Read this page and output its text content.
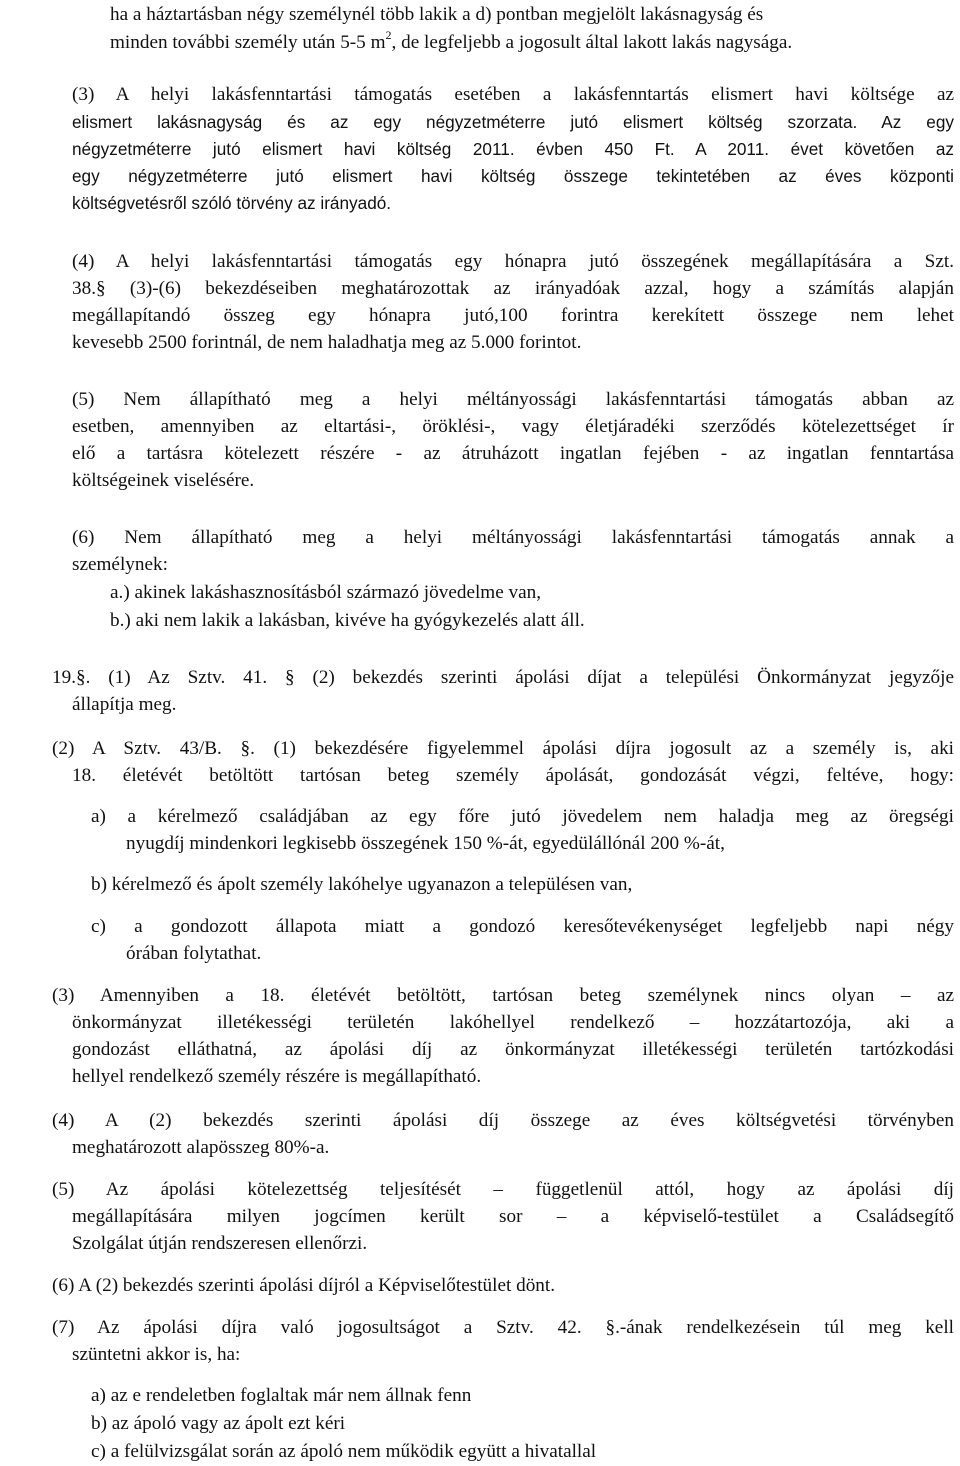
ha a háztartásban négy személynél több lakik a d) pontban megjelölt lakásnagyság és

minden további személy után 5-5 $m^2$, de legfeljebb a jogosult által lakott lakás nagysága.

(3) A helyi lakásfenntartási támogatás esetében a lakásfenntartás elismert havi költsége az

elismert lakásnagyság és az egy négyzetméterre jutó elismert költség szorzata. Az egy

négyzetméterre jutó elismert havi költség 2011. évben 450 Ft. A 2011. évet követően az

egy négyzetméterre jutó elismert havi költség összege tekintetében az éves központi

költségvetésről szóló törvény az irányadó.

(4) A helyi lakásfenntartási támogatás egy hónapra jutó összegének megállapítására a Szt.

38.§ (3)-(6) bekezdéseiben meghatározottak az irányadóak azzal, hogy a számítás alapján

megállapítandó összeg egy hónapra jutó,100 forintra kerekített összege nem lehet

kevesebb 2500 forintnál, de nem haladhatja meg az 5.000 forintot.

(5) Nem állapítható meg a helyi méltányossági lakásfenntartási támogatás abban az

esetben, amennyiben az eltartási-, öröklési-, vagy életjáradéki szerződés kötelezettséget ír

elő a tartásra kötelezett részére - az átruházott ingatlan fejében - az ingatlan fenntartása

költségeinek viselésére.

(6) Nem állapítható meg a helyi méltányossági lakásfenntartási támogatás annak a

személynek:

a.) akinek lakáshasznosításból származó jövedelme van,

b.) aki nem lakik a lakásban, kivéve ha gyógykezelés alatt áll.

19.§. (1) Az Sztv. 41. § (2) bekezdés szerinti ápolási díjat a települési Önkormányzat jegyzője

állapítja meg.

(2) A Sztv. 43/B. §. (1) bekezdésére figyelemmel ápolási díjra jogosult az a személy is, aki

18. életévét betöltött tartósan beteg személy ápolását, gondozását végzi, feltéve, hogy:

a) a kérelmező családjában az egy főre jutó jövedelem nem haladja meg az öregségi

nyugdíj mindenkori legkisebb összegének 150 %-át, egyedülállónál 200 %-át,

b) kérelmező és ápolt személy lakóhelye ugyanazon a településen van,

c) a gondozott állapota miatt a gondozó keresőtevékenységet legfeljebb napi négy

órában folytathat.

(3) Amennyiben a 18. életévét betöltött, tartósan beteg személynek nincs olyan – az

önkormányzat illetékességi területén lakóhellyel rendelkező – hozzátartozója, aki a

gondozást elláthatná, az ápolási díj az önkormányzat illetékességi területén tartózkodási

hellyel rendelkező személy részére is megállapítható.

(4) A (2) bekezdés szerinti ápolási díj összege az éves költségvetési törvényben

meghatározott alapösszeg 80%-a.

(5) Az ápolási kötelezettség teljesítését – függetlenül attól, hogy az ápolási díj

megállapítására milyen jogcímen került sor – a képviselő-testület a Családsegítő

Szolgálat útján rendszeresen ellenőrzi.

(6) A (2) bekezdés szerinti ápolási díjról a Képviselőtestület dönt.

(7) Az ápolási díjra való jogosultságot a Sztv. 42. §.-ának rendelkezésein túl meg kell

szüntetni akkor is, ha:

a) az e rendeletben foglaltak már nem állnak fenn

b) az ápoló vagy az ápolt ezt kéri

c) a felülvizsgálat során az ápoló nem működik együtt a hivatallal
